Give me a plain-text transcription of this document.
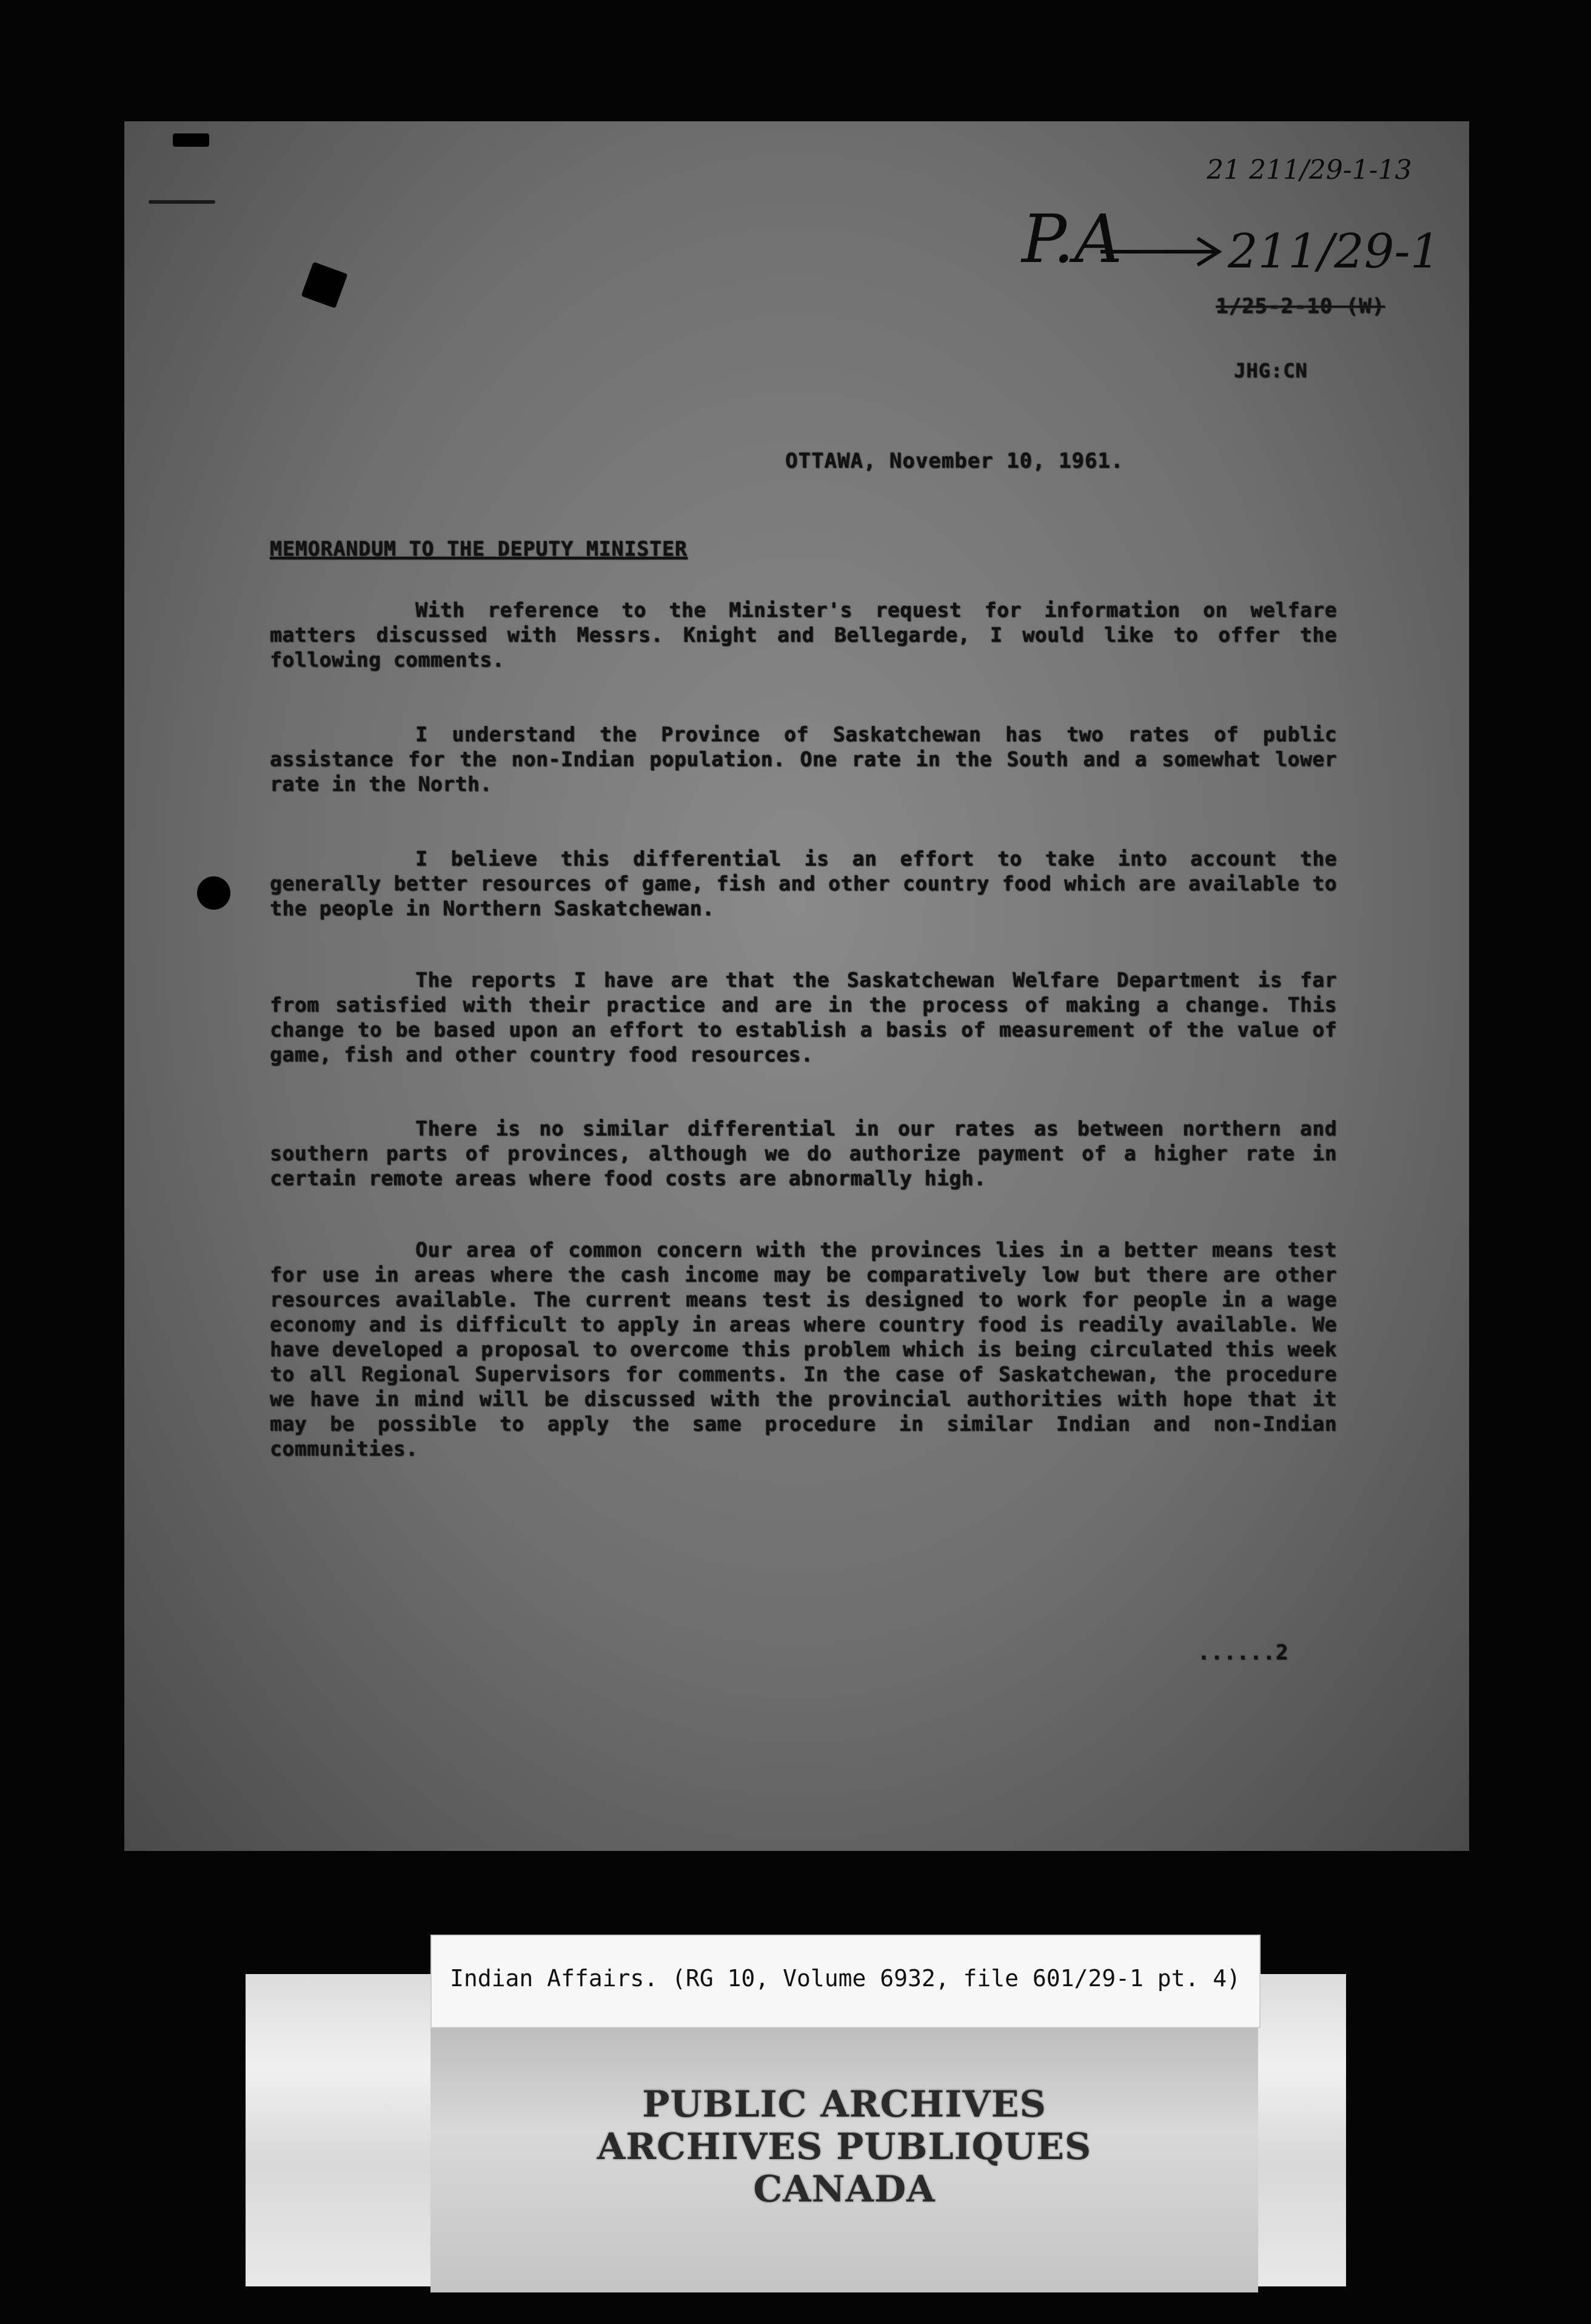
21 211/29-1-13
P.A 211/29-1
1/25-2-10 (W)
JHG:CN
OTTAWA, November 10, 1961.
MEMORANDUM TO THE DEPUTY MINISTER

With reference to the Minister's request for information on welfare matters discussed with Messrs. Knight and Bellegarde, I would like to offer the following comments.

I understand the Province of Saskatchewan has two rates of public assistance for the non-Indian population. One rate in the South and a somewhat lower rate in the North.

I believe this differential is an effort to take into account the generally better resources of game, fish and other country food which are available to the people in Northern Saskatchewan.

The reports I have are that the Saskatchewan Welfare Department is far from satisfied with their practice and are in the process of making a change. This change to be based upon an effort to establish a basis of measurement of the value of game, fish and other country food resources.

There is no similar differential in our rates as between northern and southern parts of provinces, although we do authorize payment of a higher rate in certain remote areas where food costs are abnormally high.

Our area of common concern with the provinces lies in a better means test for use in areas where the cash income may be comparatively low but there are other resources available. The current means test is designed to work for people in a wage economy and is difficult to apply in areas where country food is readily available. We have developed a proposal to overcome this problem which is being circulated this week to all Regional Supervisors for comments. In the case of Saskatchewan, the procedure we have in mind will be discussed with the provincial authorities with hope that it may be possible to apply the same procedure in similar Indian and non-Indian communities.

......2
PUBLIC ARCHIVES
ARCHIVES PUBLIQUES
CANADA
Indian Affairs. (RG 10, Volume 6932, file 601/29-1 pt. 4)
